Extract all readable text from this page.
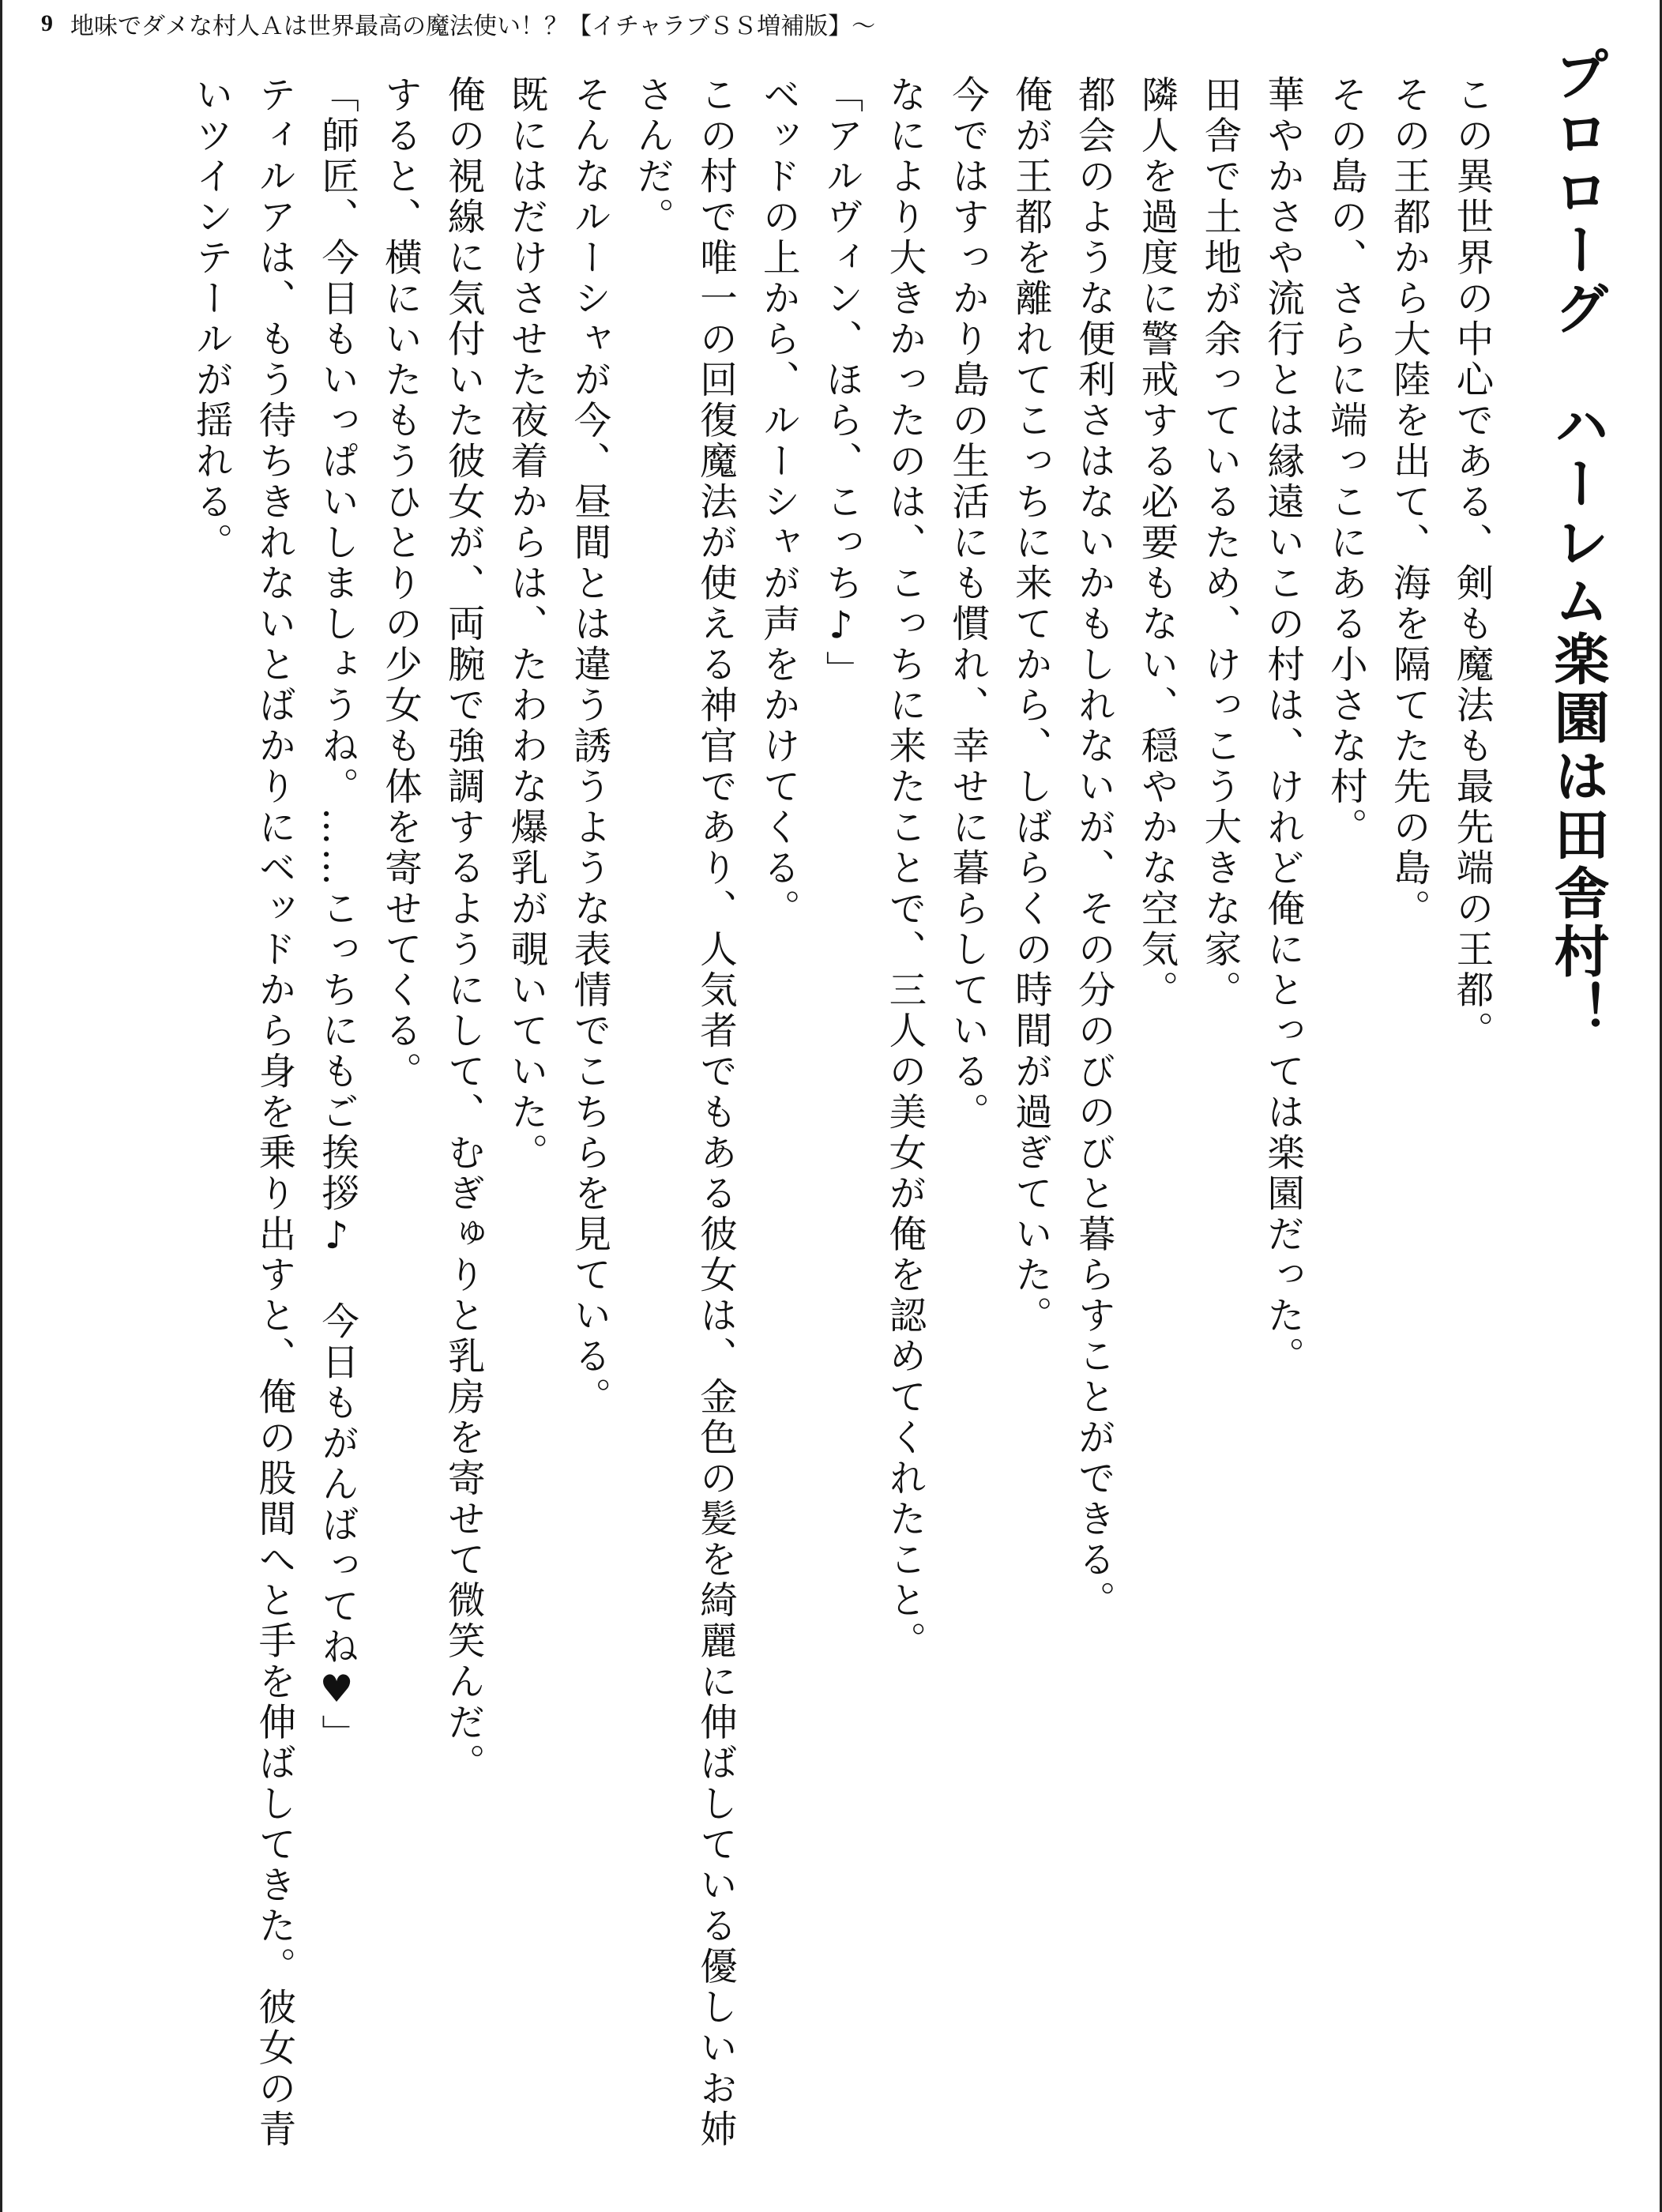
9 地味でダメな村人Ａは世界最高の魔法使い！？【イチャラブＳＳ増補版】～
プロローグ　ハーレム楽園は田舎村！

この異世界の中心である、剣も魔法も最先端の王都。

その王都から大陸を出て、海を隔てた先の島。

その島の、さらに端っこにある小さな村。

華やかさや流行とは縁遠いこの村は、けれど俺にとっては楽園だった。

田舎で土地が余っているため、けっこう大きな家。

隣人を過度に警戒する必要もない、穏やかな空気。

都会のような便利さはないかもしれないが、その分のびのびと暮らすことができる。

俺が王都を離れてこっちに来てから、しばらくの時間が過ぎていた。

今ではすっかり島の生活にも慣れ、幸せに暮らしている。

なにより大きかったのは、こっちに来たことで、三人の美女が俺を認めてくれたこと。

「アルヴィン、ほら、こっち♪」

ベッドの上から、ルーシャが声をかけてくる。

この村で唯一の回復魔法が使える神官であり、人気者でもある彼女は、金色の髪を綺麗に伸ばしている優しいお姉さんだ。

そんなルーシャが今、昼間とは違う誘うような表情でこちらを見ている。

既にはだけさせた夜着からは、たわわな爆乳が覗いていた。

俺の視線に気付いた彼女が、両腕で強調するようにして、むぎゅりと乳房を寄せて微笑んだ。

すると、横にいたもうひとりの少女も体を寄せてくる。

「師匠、今日もいっぱいしましょうね。……こっちにもご挨拶♪　今日もがんばってね♥」

ティルアは、もう待ちきれないとばかりにベッドから身を乗り出すと、俺の股間へと手を伸ばしてきた。彼女の青いツインテールが揺れる。
